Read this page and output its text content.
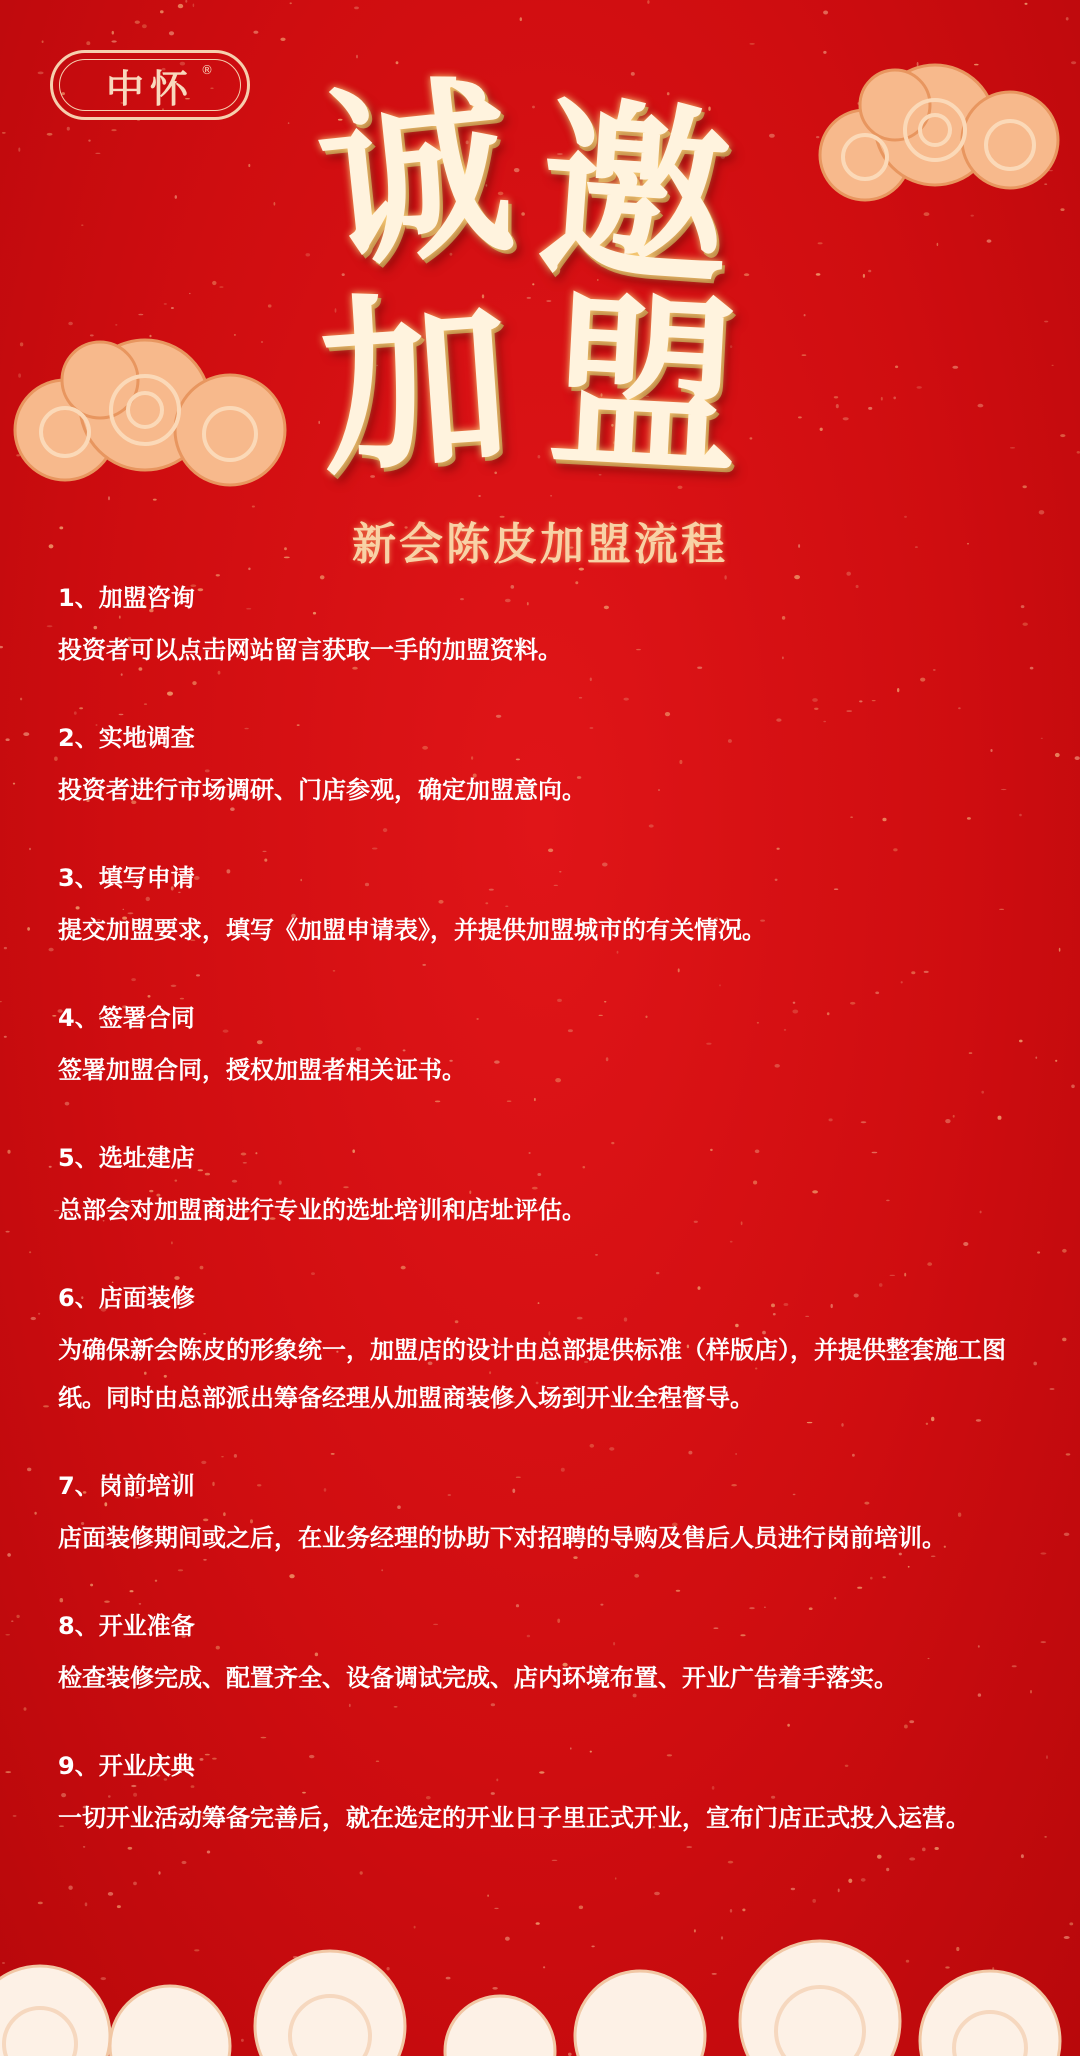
中怀 ® 诚 邀
加 盟
新会陈皮加盟流程
1、加盟咨询
投资者可以点击网站留言获取一手的加盟资料。
2、实地调查
投资者进行市场调研、门店参观，确定加盟意向。
3、填写申请
提交加盟要求，填写《加盟申请表》，并提供加盟城市的有关情况。
4、签署合同
签署加盟合同，授权加盟者相关证书。
5、选址建店
总部会对加盟商进行专业的选址培训和店址评估。
6、店面装修
为确保新会陈皮的形象统一，加盟店的设计由总部提供标准（样版店），并提供整套施工图纸。同时由总部派出筹备经理从加盟商装修入场到开业全程督导。
7、岗前培训
店面装修期间或之后，在业务经理的协助下对招聘的导购及售后人员进行岗前培训。
8、开业准备
检查装修完成、配置齐全、设备调试完成、店内环境布置、开业广告着手落实。
9、开业庆典
一切开业活动筹备完善后，就在选定的开业日子里正式开业，宣布门店正式投入运营。
